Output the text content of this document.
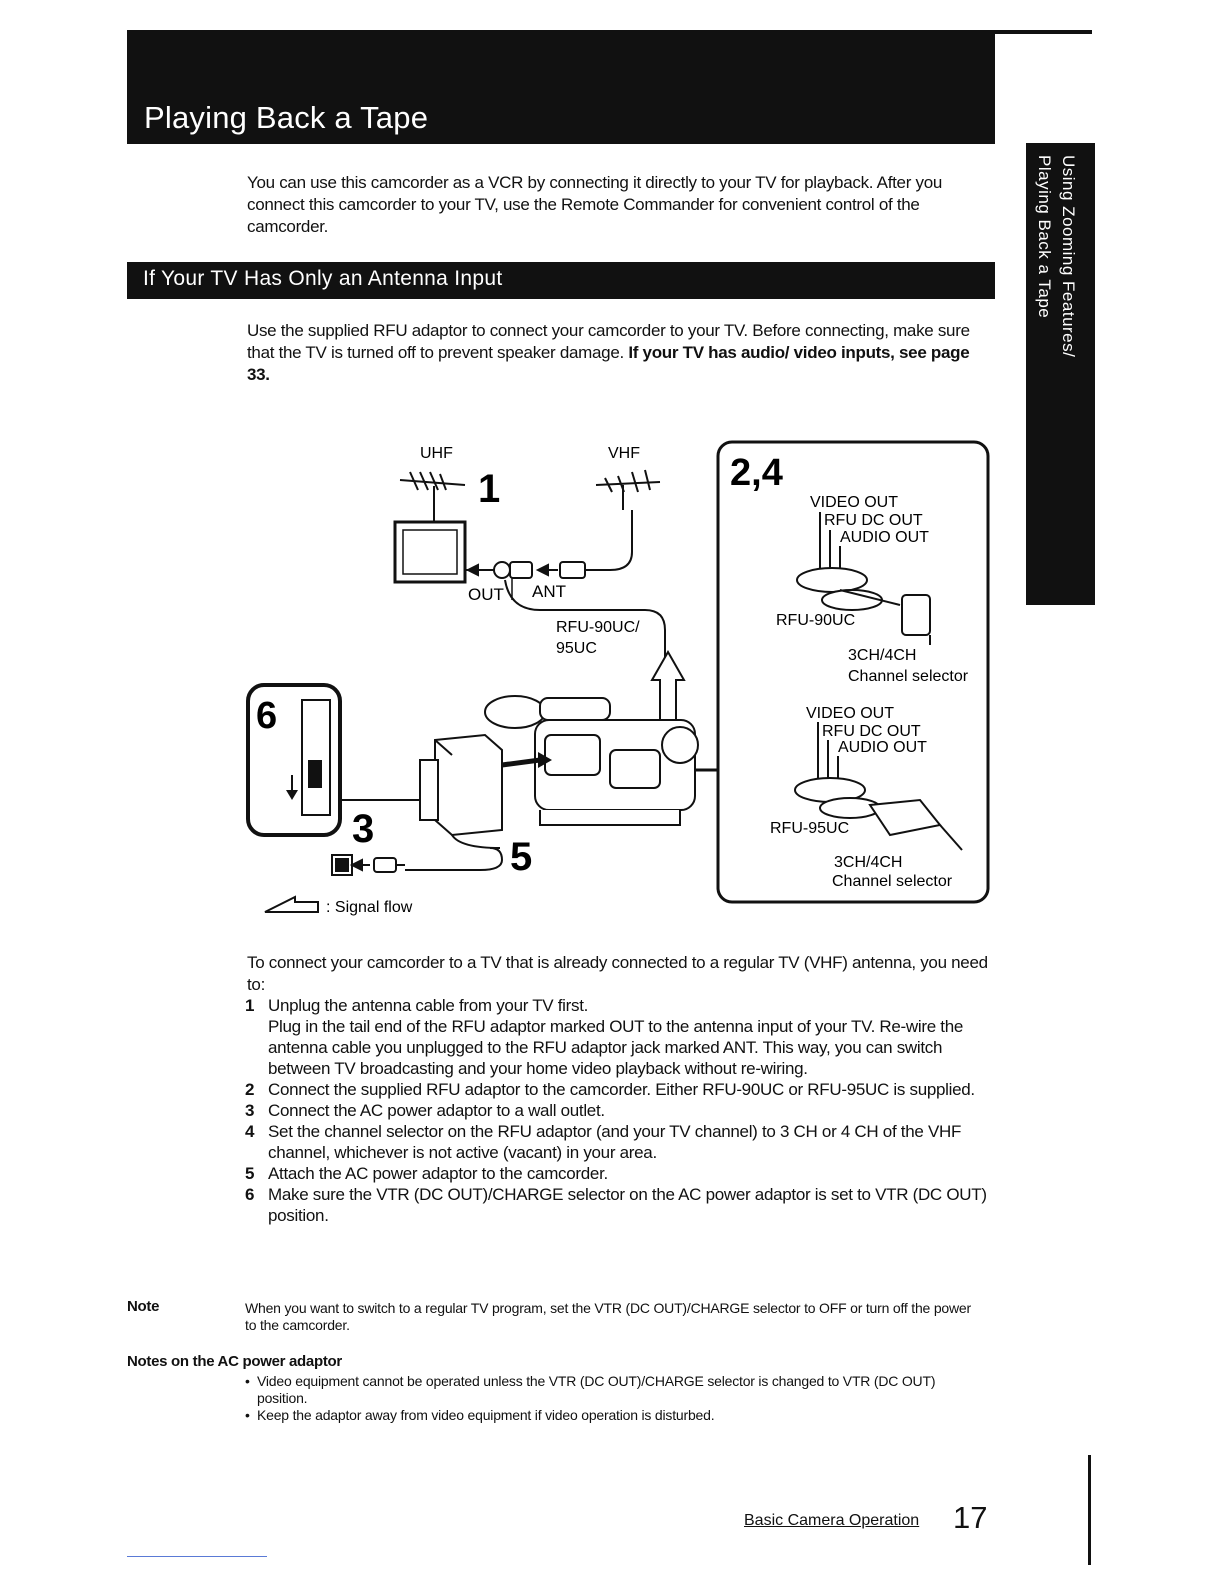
Playing Back a Tape
Using Zooming Features/
Playing Back a Tape
You can use this camcorder as a VCR by connecting it directly to your TV for playback. After you connect this camcorder to your TV, use the Remote Commander for convenient control of the camcorder.
If Your TV Has Only an Antenna Input
Use the supplied RFU adaptor to connect your camcorder to your TV. Before connecting, make sure that the TV is turned off to prevent speaker damage. If your TV has audio/ video inputs, see page 33.
UHF	VHF
1
OUT ANT
RFU-90UC/
95UC
5
3
6
2,4
VIDEO OUT
RFU DC OUT
AUDIO OUT
RFU-90UC
3CH/4CH
Channel selector
VIDEO OUT
RFU DC OUT
AUDIO OUT
RFU-95UC
3CH/4CH
Channel selector
: Signal flow
To connect your camcorder to a TV that is already connected to a regular TV (VHF) antenna, you need to:
1 Unplug the antenna cable from your TV first.
Plug in the tail end of the RFU adaptor marked OUT to the antenna input of your TV. Re-wire the antenna cable you unplugged to the RFU adaptor jack marked ANT. This way, you can switch between TV broadcasting and your home video playback without re-wiring.
2 Connect the supplied RFU adaptor to the camcorder. Either RFU-90UC or RFU-95UC is supplied.
3 Connect the AC power adaptor to a wall outlet.
4 Set the channel selector on the RFU adaptor (and your TV channel) to 3 CH or 4 CH of the VHF channel, whichever is not active (vacant) in your area.
5 Attach the AC power adaptor to the camcorder.
6 Make sure the VTR (DC OUT)/CHARGE selector on the AC power adaptor is set to VTR (DC OUT) position.
Note	When you want to switch to a regular TV program, set the VTR (DC OUT)/CHARGE selector to OFF or turn off the power to the camcorder.
Notes on the AC power adaptor
• Video equipment cannot be operated unless the VTR (DC OUT)/CHARGE selector is changed to VTR (DC OUT) position.
• Keep the adaptor away from video equipment if video operation is disturbed.
Basic Camera Operation 17
